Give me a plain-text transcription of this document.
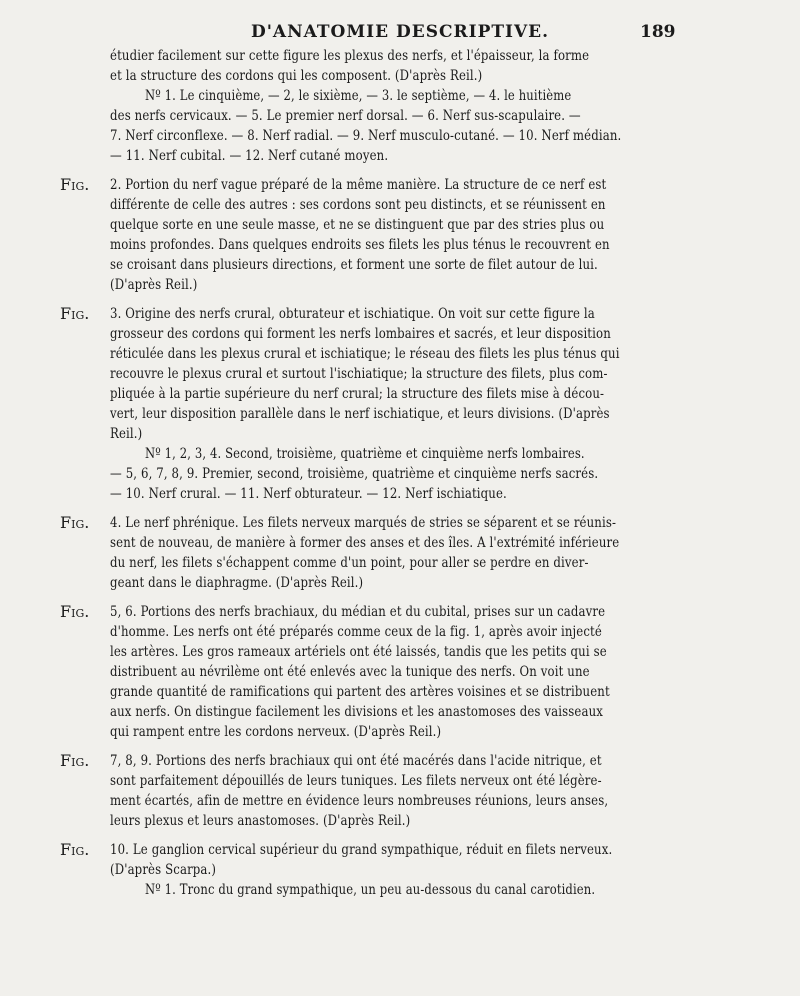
D'ANATOMIE DESCRIPTIVE.	189
étudier facilement sur cette figure les plexus des nerfs, et l'épaisseur, la forme
et la structure des cordons qui les composent. (D'après Reil.)
Nº 1. Le cinquième, — 2, le sixième, — 3. le septième, — 4. le huitième
des nerfs cervicaux. — 5. Le premier nerf dorsal. — 6. Nerf sus-scapulaire. —
7. Nerf circonflexe. — 8. Nerf radial. — 9. Nerf musculo-cutané. — 10. Nerf médian.
— 11. Nerf cubital. — 12. Nerf cutané moyen.
Fig. 2. Portion du nerf vague préparé de la même manière. La structure de ce nerf est
différente de celle des autres : ses cordons sont peu distincts, et se réunissent en
quelque sorte en une seule masse, et ne se distinguent que par des stries plus ou
moins profondes. Dans quelques endroits ses filets les plus ténus le recouvrent en
se croisant dans plusieurs directions, et forment une sorte de filet autour de lui.
(D'après Reil.)
Fig. 3. Origine des nerfs crural, obturateur et ischiatique. On voit sur cette figure la
grosseur des cordons qui forment les nerfs lombaires et sacrés, et leur disposition
réticulée dans les plexus crural et ischiatique; le réseau des filets les plus ténus qui
recouvre le plexus crural et surtout l'ischiatique; la structure des filets, plus com-
pliquée à la partie supérieure du nerf crural; la structure des filets mise à décou-
vert, leur disposition parallèle dans le nerf ischiatique, et leurs divisions. (D'après
Reil.)
Nº 1, 2, 3, 4. Second, troisième, quatrième et cinquième nerfs lombaires.
— 5, 6, 7, 8, 9. Premier, second, troisième, quatrième et cinquième nerfs sacrés.
— 10. Nerf crural. — 11. Nerf obturateur. — 12. Nerf ischiatique.
Fig. 4. Le nerf phrénique. Les filets nerveux marqués de stries se séparent et se réunis-
sent de nouveau, de manière à former des anses et des îles. A l'extrémité inférieure
du nerf, les filets s'échappent comme d'un point, pour aller se perdre en diver-
geant dans le diaphragme. (D'après Reil.)
Fig. 5, 6. Portions des nerfs brachiaux, du médian et du cubital, prises sur un cadavre
d'homme. Les nerfs ont été préparés comme ceux de la fig. 1, après avoir injecté
les artères. Les gros rameaux artériels ont été laissés, tandis que les petits qui se
distribuent au névrilème ont été enlevés avec la tunique des nerfs. On voit une
grande quantité de ramifications qui partent des artères voisines et se distribuent
aux nerfs. On distingue facilement les divisions et les anastomoses des vaisseaux
qui rampent entre les cordons nerveux. (D'après Reil.)
Fig. 7, 8, 9. Portions des nerfs brachiaux qui ont été macérés dans l'acide nitrique, et
sont parfaitement dépouillés de leurs tuniques. Les filets nerveux ont été légère-
ment écartés, afin de mettre en évidence leurs nombreuses réunions, leurs anses,
leurs plexus et leurs anastomoses. (D'après Reil.)
Fig. 10. Le ganglion cervical supérieur du grand sympathique, réduit en filets nerveux.
(D'après Scarpa.)
Nº 1. Tronc du grand sympathique, un peu au-dessous du canal carotidien.
